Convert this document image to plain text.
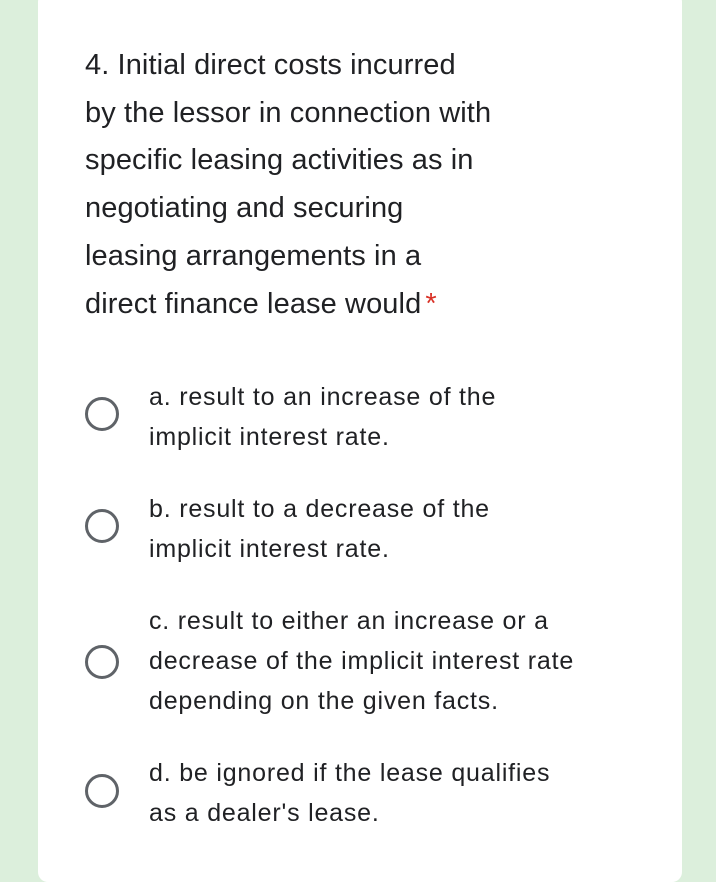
4. Initial direct costs incurred
by the lessor in connection with
specific leasing activities as in
negotiating and securing
leasing arrangements in a
direct finance lease would *
a. result to an increase of the
implicit interest rate.
b. result to a decrease of the
implicit interest rate.
c. result to either an increase or a
decrease of the implicit interest rate
depending on the given facts.
d. be ignored if the lease qualifies
as a dealer's lease.
